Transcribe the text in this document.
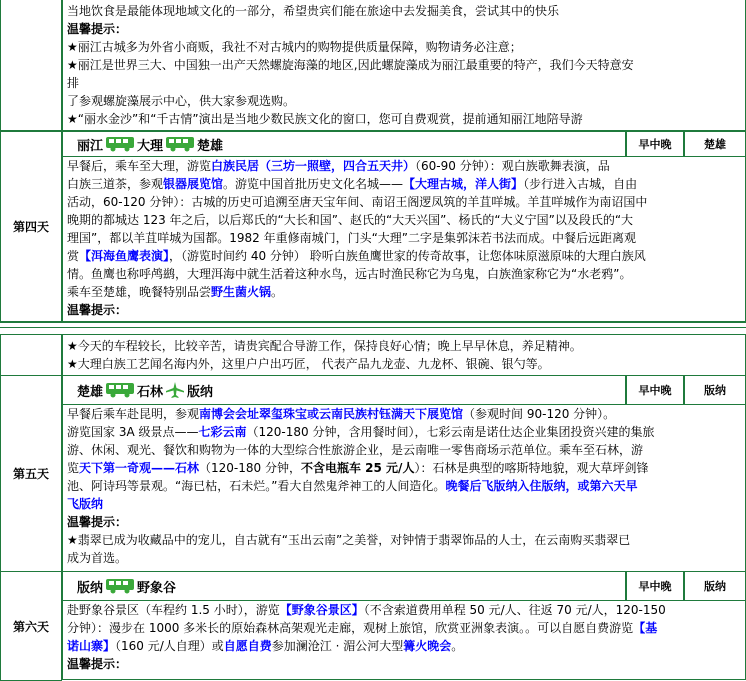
当地饮食是最能体现地域文化的一部分，希望贵宾们能在旅途中去发掘美食，尝试其中的快乐
温馨提示：
★丽江古城多为外省小商贩，我社不对古城内的购物提供质量保障，购物请务必注意；
★丽江是世界三大、中国独一出产天然螺旋海藻的地区,因此螺旋藻成为丽江最重要的特产，我们今天特意安
排
了参观螺旋藻展示中心，供大家参观选购。
★“丽水金沙”和“千古情”演出是当地少数民族文化的窗口，您可自费观赏，提前通知丽江地陪导游
第四天
丽江	大理	楚雄	早中晚	楚雄
早餐后，乘车至大理，游览白族民居（三坊一照壁，四合五天井）（60-90 分钟）：观白族歌舞表演，品
白族三道茶，参观银器展览馆。游览中国首批历史文化名城——【大理古城，洋人街】（步行进入古城，自由
活动，60-120 分钟）：古城的历史可追溯至唐天宝年间、南诏王阁逻凤筑的羊苴咩城。羊苴咩城作为南诏国中
晚期的都城达 123 年之后，以后郑氏的“大长和国”、赵氏的“大天兴国”、杨氏的“大义宁国”以及段氏的“大
理国”，都以羊苴咩城为国都。1982 年重修南城门，门头“大理”二字是集郭沫若书法而成。中餐后远距离观
赏【洱海鱼鹰表演】，（游览时间约 40 分钟） 聆听白族鱼鹰世家的传奇故事，让您体味原滋原味的大理白族风
情。鱼鹰也称呼鸬鹚，大理洱海中就生活着这种水鸟，远古时渔民称它为乌鬼，白族渔家称它为“水老鸦”。
乘车至楚雄，晚餐特别品尝野生菌火锅。
温馨提示：
★今天的车程较长，比较辛苦，请贵宾配合导游工作，保持良好心情；晚上早早休息，养足精神。
★大理白族工艺闻名海内外，这里户户出巧匠， 代表产品九龙壶、九龙杯、银碗、银勺等。
第五天
楚雄	石林 版纳	早中晚	版纳
早餐后乘车赴昆明，参观南博会会址翠玺珠宝或云南民族村钰满天下展览馆（参观时间 90-120 分钟）。
游览国家 3A 级景点——七彩云南（120-180 分钟，含用餐时间），七彩云南是诺仕达企业集团投资兴建的集旅
游、休闲、观光、餐饮和购物为一体的大型综合性旅游企业，是云南唯一零售商场示范单位。乘车至石林，游
览天下第一奇观——石林（120-180 分钟，不含电瓶车 25 元/人）：石林是典型的喀斯特地貌，观大草坪剑锋
池、阿诗玛等景观。“海已枯，石未烂。”看大自然鬼斧神工的人间造化。晚餐后飞版纳入住版纳，或第六天早
飞版纳
温馨提示：
★翡翠已成为收藏品中的宠儿，自古就有“玉出云南”之美誉，对钟情于翡翠饰品的人士，在云南购买翡翠已
成为首选。
第六天
版纳	野象谷	早中晚	版纳
赴野象谷景区（车程约 1.5 小时），游览【野象谷景区】（不含索道费用单程 50 元/人、往返 70 元/人，120-150
分钟）：漫步在 1000 多米长的原始森林高架观光走廊，观树上旅馆，欣赏亚洲象表演。。可以自愿自费游览【基
诺山寨】（160 元/人自理）或自愿自费参加澜沧江 · 湄公河大型篝火晚会。
温馨提示：
